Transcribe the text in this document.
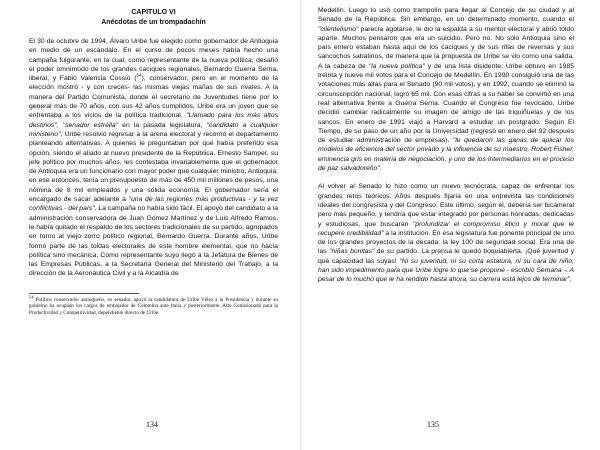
CAPITULO VI

Anécdotas de un trompadachín

El 30 de octubre de 1994, Álvaro Uribe fue elegido como gobernador de Antioquia en medio de un escándalo. En el curso de pocos meses había hecho una campaña fulgurante, en la cual, como representante de la nueva política, desafió el poder omnímodo de los grandes caciques regionales, Bernardo Guerra Serna, liberal, y Fabio Valencia Cossio ($^{54}$), conservador, pero en el momento de la elección mostró - y con creces- las mismas viejas mañas de sus rivales. A la manera del Partido Comunista, donde el secretario de Juventudes tiene por lo general más de 70 años, con sus 42 años cumplidos, Uribe era un joven que se enfrentaba a los vicios de la política tradicional. "Llamado para los más altos destinos", "senador estrella" en la pasada legislatura, "candidato a cualquier ministerio", Uribe resolvió regresar a la arena electoral y recorrió el departamento planteando alternativas. A quienes le preguntaban por qué había preferido esa opción, siendo el aliado al nuevo presidente de la República, Ernesto Samper, su jefe político por muchos años, les contestaba invariablemente que el gobernador de Antioquia era un funcionario con mayor poder que cualquier ministro. Antioquia, en ese entonces, tenía un presupuesto de más de 450 mil millones de pesos, una nómina de 8 mil empleados y una sólida economía. El gobernador sería el encargado de sacar adelante a "una de las regiones más productivas - y la vez conflictivas - del país". La campaña no había sido fácil. El apoyo del candidato a la administración conservadora de Juan Gómez Martínez y de Luis Alfredo Ramos, le había quitado el respaldo de los sectores tradicionales de su partido, agrupados en torno al viejo zorro político regional, Bernardo Guerra. Durante años, Uribe formó parte de las toldas electorales de este hombre elemental, que no hacía política sino mecánica. Como representante suyo llegó a la Jefatura de Bienes de las Empresas Públicas, a la Secretaría General del Ministerio del Trabajo, a la dirección de la Aeronáutica Civil y a la Alcaldía de

$^{54}$ Político conservador antioqueño, ex senador, apoyó la candidatura de Uribe Vélez a la Presidencia y durante su gobierno ha ocupado los cargos de embajador de Colombia ante Italia y posteriormente. Alto Comisionado para la Productividad y Competitividad, dependiente directo de Uribe.

134

Medellín. Luego lo usó como trampolín para llegar al Concejo de su ciudad y al Senado de la República. Sin embargo, en un determinado momento, cuando el "clientelismo" parecía agotarse, le dio la espalda a su mentor electoral y abrió toldo aparte. Muchos pensaron que era un suicidio. Pero no. No sólo Antioquia sino el país entero estaban hasta aquí de los caciques y de sus rifas de reversas y sus sancochos sabatinos, de manera que la propuesta de Uribe se vio como una salida. A la cabeza de "la nueva política" y de una lista disidente, Uribe obtuvo en 1985 treinta y nueve mil votos para el Concejo de Medellín. En 1990 consiguió una de las votaciones más altas para el Senado (90 mil votos), y en 1992, cuando se eliminó la circunscripción nacional, logró 65 mil. Con esas cifras a su haber se convirtió en una real alternativa frente a Guerra Serna. Cuando el Congreso fue revocado, Uribe decidió cambiar radicalmente su imagen de amigo de las triquiñuelas y de los sancos. En enero de 1991 viajó a Harvard a estudiar un postgrado. Según El Tiempo, de su paso de un año por la Universidad (regresó en enero del 92 después de estudiar administración de empresas), "le quedaron las ganas de aplicar los modelos de eficiencia del sector privado y la influencia de su maestro, Robert Fisher, eminencia gris en materia de negociación, y uno de los intermediarios en el proceso de paz salvadoreño".

Al volver al Senado lo hizo como un nuevo tecnócrata, capaz de enfrentar los grandes retos teóricos. Años después fijaría en una entrevista las condiciones ideales del congresista y del Congreso. Este último, según él, debería ser bicameral pero más pequeño, y tendría que estar integrado por personas honradas, dedicadas y estudiosas, que buscaran "profundizar el compromiso ético y moral que le recupere credibilidad" a la institución. En esa legislatura fue ponente principal de uno de los grandes proyectos de la década: la ley 100 de seguridad social. Era una de las "niñas bonitas" de su partido. La prensa le quedó boquiabierta. ¡Qué juventud y qué capacidad las suyas! "Ni su juventud, ni su corta estatura, ni su cara de niño, han sido impedimento para que Uribe logre lo que se propone - escribió Semana -. A pesar de lo mucho que le ha rendido hasta ahora, su carrera está lejos de terminar".

135
